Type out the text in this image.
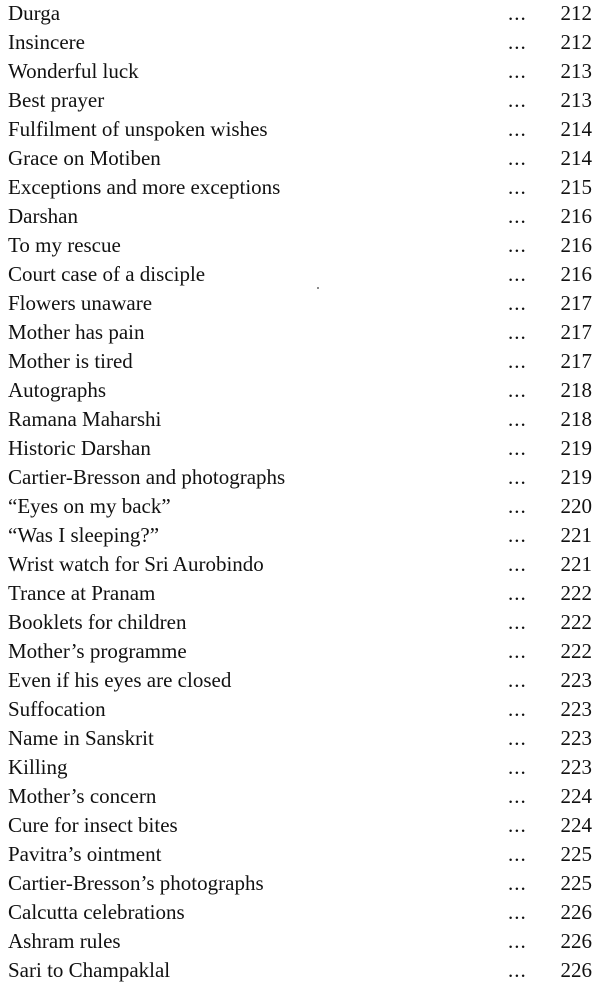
Durga	... 212
Insincere	... 212
Wonderful luck	... 213
Best prayer	... 213
Fulfilment of unspoken wishes	... 214
Grace on Motiben	... 214
Exceptions and more exceptions	... 215
Darshan	... 216
To my rescue	... 216
Court case of a disciple	... 216
Flowers unaware	... 217
Mother has pain	... 217
Mother is tired	... 217
Autographs	... 218
Ramana Maharshi	... 218
Historic Darshan	... 219
Cartier-Bresson and photographs	... 219
“Eyes on my back”	... 220
“Was I sleeping?”	... 221
Wrist watch for Sri Aurobindo	... 221
Trance at Pranam	... 222
Booklets for children	... 222
Mother’s programme	... 222
Even if his eyes are closed	... 223
Suffocation	... 223
Name in Sanskrit	... 223
Killing	... 223
Mother’s concern	... 224
Cure for insect bites	... 224
Pavitra’s ointment	... 225
Cartier-Bresson’s photographs	... 225
Calcutta celebrations	... 226
Ashram rules	... 226
Sari to Champaklal	... 226
